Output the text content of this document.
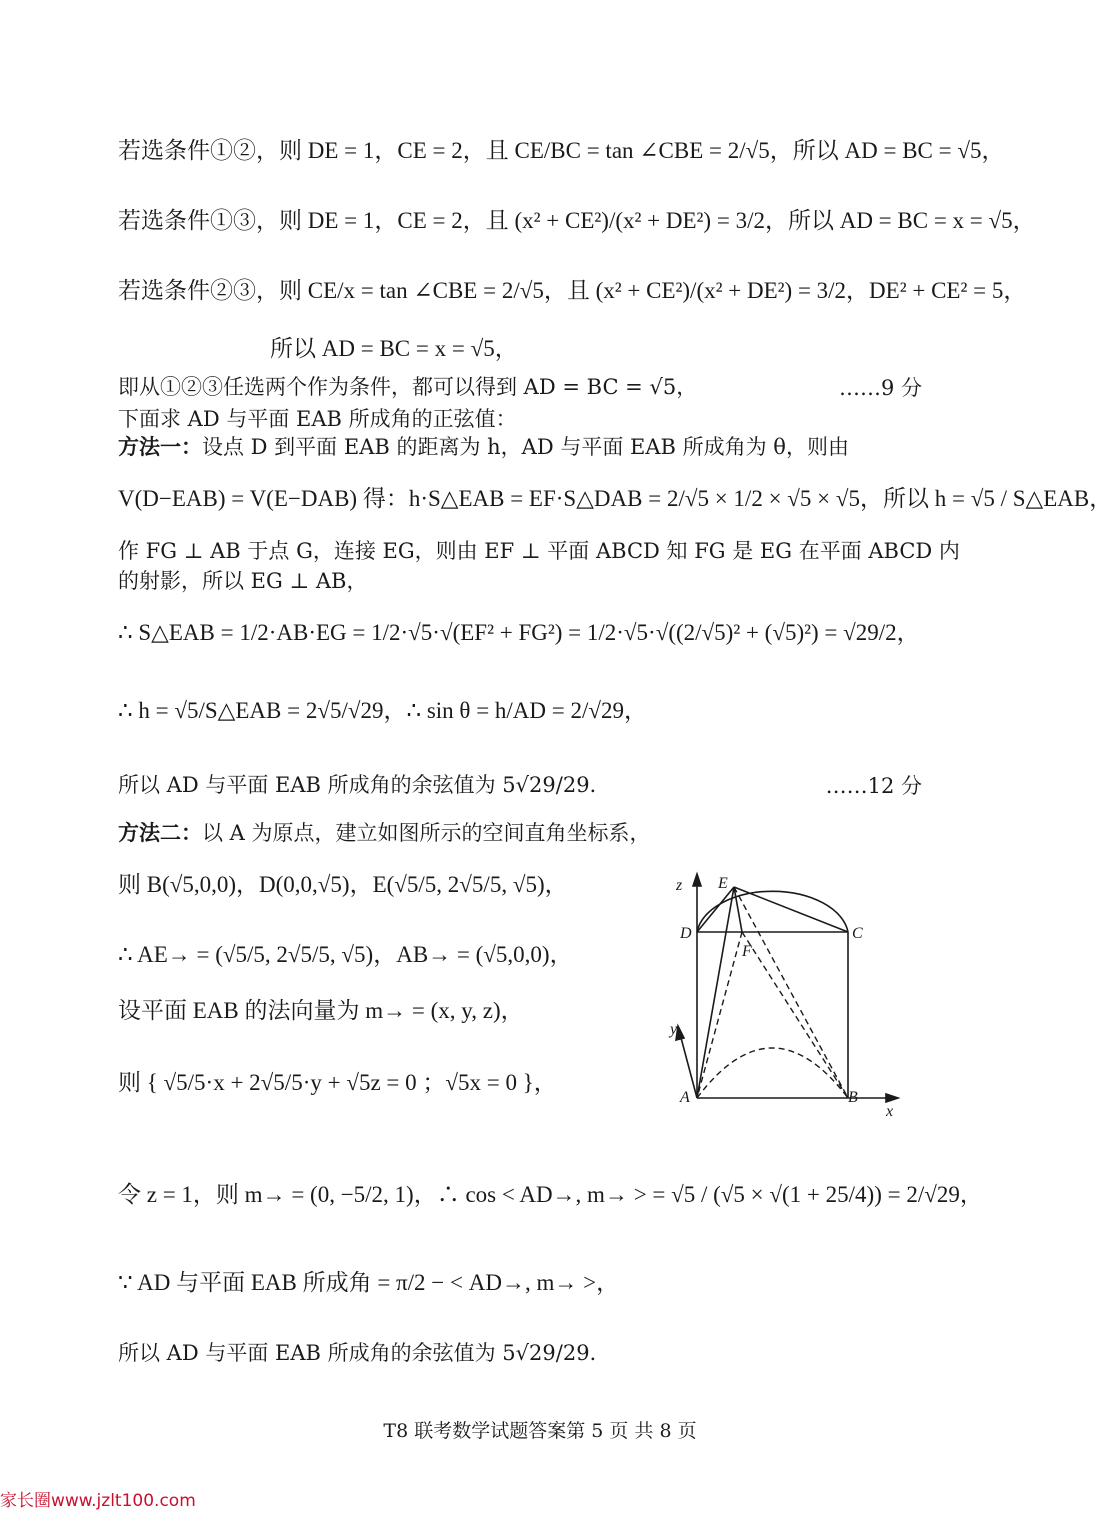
若选条件①②，则 DE = 1，CE = 2，且 CE/BC = tan ∠CBE = 2/√5，所以 AD = BC = √5，
若选条件①③，则 DE = 1，CE = 2，且 (x² + CE²)/(x² + DE²) = 3/2，所以 AD = BC = x = √5，
若选条件②③，则 CE/x = tan ∠CBE = 2/√5，且 (x² + CE²)/(x² + DE²) = 3/2，DE² + CE² = 5，
所以 AD = BC = x = √5，
即从①②③任选两个作为条件，都可以得到 AD = BC = √5，	……9 分
下面求 AD 与平面 EAB 所成角的正弦值：
方法一：设点 D 到平面 EAB 的距离为 h，AD 与平面 EAB 所成角为 θ，则由
V(D−EAB) = V(E−DAB) 得：h·S△EAB = EF·S△DAB = 2/√5 × 1/2 × √5 × √5，所以 h = √5 / S△EAB，
作 FG ⊥ AB 于点 G，连接 EG，则由 EF ⊥ 平面 ABCD 知 FG 是 EG 在平面 ABCD 内
的射影，所以 EG ⊥ AB，
∴ S△EAB = 1/2·AB·EG = 1/2·√5·√(EF² + FG²) = 1/2·√5·√((2/√5)² + (√5)²) = √29/2，
∴ h = √5/S△EAB = 2√5/√29，∴ sin θ = h/AD = 2/√29，
所以 AD 与平面 EAB 所成角的余弦值为 5√29/29．	……12 分
方法二：以 A 为原点，建立如图所示的空间直角坐标系，
则 B(√5,0,0)，D(0,0,√5)，E(√5/5, 2√5/5, √5)，
∴ AE→ = (√5/5, 2√5/5, √5)，AB→ = (√5,0,0)，
设平面 EAB 的法向量为 m→ = (x, y, z)，
则 { √5/5·x + 2√5/5·y + √5z = 0 ；√5x = 0 }，
令 z = 1，则 m→ = (0, −5/2, 1)，∴ cos < AD→, m→ > = √5 / (√5 × √(1 + 25/4)) = 2/√29，
∵ AD 与平面 EAB 所成角 = π/2 − < AD→, m→ >，
所以 AD 与平面 EAB 所成角的余弦值为 5√29/29．
z E
D	C
F
y
A	B
x
T8 联考数学试题答案第 5 页 共 8 页
家长圈www.jzlt100.com
